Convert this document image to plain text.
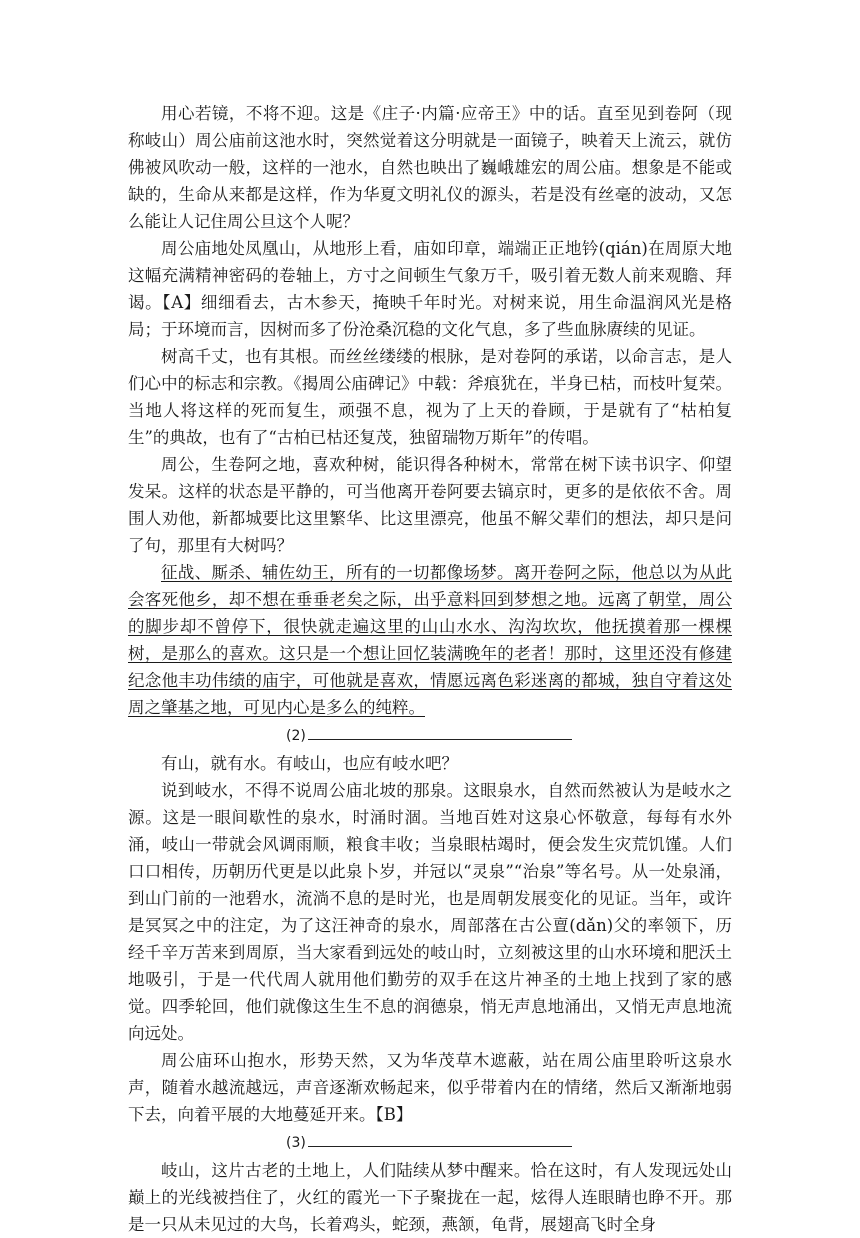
用心若镜，不将不迎。这是《庄子·内篇·应帝王》中的话。直至见到卷阿（现称岐山）周公庙前这池水时，突然觉着这分明就是一面镜子，映着天上流云，就仿佛被风吹动一般，这样的一池水，自然也映出了巍峨雄宏的周公庙。想象是不能或缺的，生命从来都是这样，作为华夏文明礼仪的源头，若是没有丝毫的波动，又怎么能让人记住周公旦这个人呢？

周公庙地处凤凰山，从地形上看，庙如印章，端端正正地钤(qián)在周原大地这幅充满精神密码的卷轴上，方寸之间顿生气象万千，吸引着无数人前来观瞻、拜谒。【A】细细看去，古木参天，掩映千年时光。对树来说，用生命温润风光是格局；于环境而言，因树而多了份沧桑沉稳的文化气息，多了些血脉赓续的见证。

树高千丈，也有其根。而丝丝缕缕的根脉，是对卷阿的承诺，以命言志，是人们心中的标志和宗教。《揭周公庙碑记》中载：斧痕犹在，半身已枯，而枝叶复荣。当地人将这样的死而复生，顽强不息，视为了上天的眷顾，于是就有了“枯柏复生”的典故，也有了“古柏已枯还复茂，独留瑞物万斯年”的传唱。

周公，生卷阿之地，喜欢种树，能识得各种树木，常常在树下读书识字、仰望发呆。这样的状态是平静的，可当他离开卷阿要去镐京时，更多的是依依不舍。周围人劝他，新都城要比这里繁华、比这里漂亮，他虽不解父辈们的想法，却只是问了句，那里有大树吗？

征战、厮杀、辅佐幼王，所有的一切都像场梦。离开卷阿之际，他总以为从此会客死他乡，却不想在垂垂老矣之际，出乎意料回到梦想之地。远离了朝堂，周公的脚步却不曾停下，很快就走遍这里的山山水水、沟沟坎坎，他抚摸着那一棵棵树，是那么的喜欢。这只是一个想让回忆装满晚年的老者！那时，这里还没有修建纪念他丰功伟绩的庙宇，可他就是喜欢，情愿远离色彩迷离的都城，独自守着这处周之肇基之地，可见内心是多么的纯粹。

(2)

有山，就有水。有岐山，也应有岐水吧？

说到岐水，不得不说周公庙北坡的那泉。这眼泉水，自然而然被认为是岐水之源。这是一眼间歇性的泉水，时涌时涸。当地百姓对这泉心怀敬意，每每有水外涌，岐山一带就会风调雨顺，粮食丰收；当泉眼枯竭时，便会发生灾荒饥馑。人们口口相传，历朝历代更是以此泉卜岁，并冠以“灵泉”“治泉”等名号。从一处泉涌，到山门前的一池碧水，流淌不息的是时光，也是周朝发展变化的见证。当年，或许是冥冥之中的注定，为了这汪神奇的泉水，周部落在古公亶(dǎn)父的率领下，历经千辛万苦来到周原，当大家看到远处的岐山时，立刻被这里的山水环境和肥沃土地吸引，于是一代代周人就用他们勤劳的双手在这片神圣的土地上找到了家的感觉。四季轮回，他们就像这生生不息的润德泉，悄无声息地涌出，又悄无声息地流向远处。

周公庙环山抱水，形势天然，又为华茂草木遮蔽，站在周公庙里聆听这泉水声，随着水越流越远，声音逐渐欢畅起来，似乎带着内在的情绪，然后又渐渐地弱下去，向着平展的大地蔓延开来。【B】

(3)

岐山，这片古老的土地上，人们陆续从梦中醒来。恰在这时，有人发现远处山巅上的光线被挡住了，火红的霞光一下子聚拢在一起，炫得人连眼睛也睁不开。那是一只从未见过的大鸟，长着鸡头，蛇颈，燕颔，龟背，展翅高飞时全身
